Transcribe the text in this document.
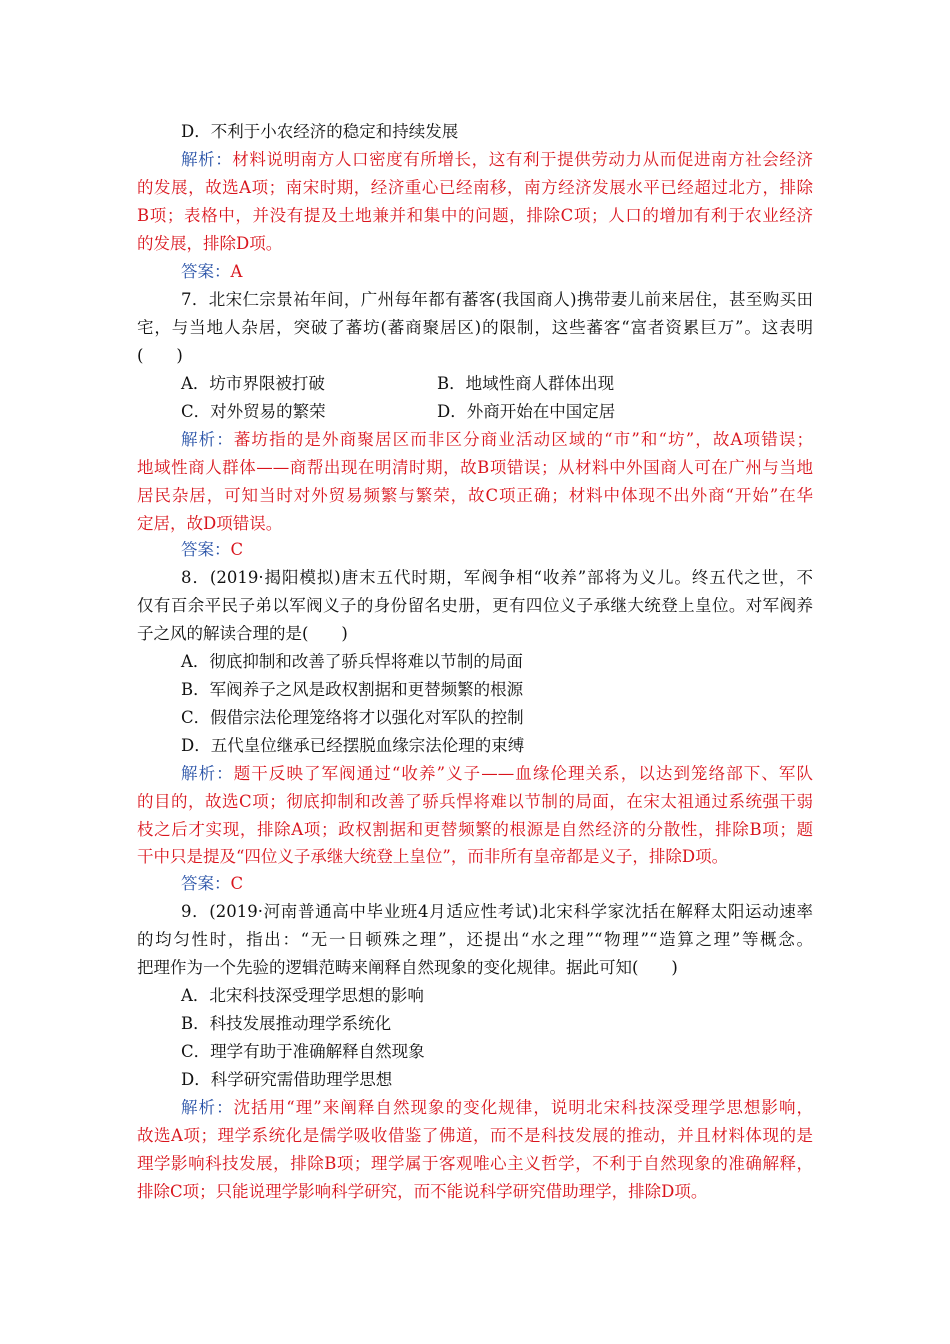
D．不利于小农经济的稳定和持续发展
解析：材料说明南方人口密度有所增长，这有利于提供劳动力从而促进南方社会经济
的发展，故选A项；南宋时期，经济重心已经南移，南方经济发展水平已经超过北方，排除
B项；表格中，并没有提及土地兼并和集中的问题，排除C项；人口的增加有利于农业经济
的发展，排除D项。
答案：A
7．北宋仁宗景祐年间，广州每年都有蕃客(我国商人)携带妻儿前来居住，甚至购买田
宅，与当地人杂居，突破了蕃坊(蕃商聚居区)的限制，这些蕃客“富者资累巨万”。这表明
(　　)
A．坊市界限被打破	B．地域性商人群体出现
C．对外贸易的繁荣	D．外商开始在中国定居
解析：蕃坊指的是外商聚居区而非区分商业活动区域的“市”和“坊”，故A项错误；
地域性商人群体——商帮出现在明清时期，故B项错误；从材料中外国商人可在广州与当地
居民杂居，可知当时对外贸易频繁与繁荣，故C项正确；材料中体现不出外商“开始”在华
定居，故D项错误。
答案：C
8．(2019·揭阳模拟)唐末五代时期，军阀争相“收养”部将为义儿。终五代之世，不
仅有百余平民子弟以军阀义子的身份留名史册，更有四位义子承继大统登上皇位。对军阀养
子之风的解读合理的是(　　)
A．彻底抑制和改善了骄兵悍将难以节制的局面
B．军阀养子之风是政权割据和更替频繁的根源
C．假借宗法伦理笼络将才以强化对军队的控制
D．五代皇位继承已经摆脱血缘宗法伦理的束缚
解析：题干反映了军阀通过“收养”义子——血缘伦理关系，以达到笼络部下、军队
的目的，故选C项；彻底抑制和改善了骄兵悍将难以节制的局面，在宋太祖通过系统强干弱
枝之后才实现，排除A项；政权割据和更替频繁的根源是自然经济的分散性，排除B项；题
干中只是提及“四位义子承继大统登上皇位”，而非所有皇帝都是义子，排除D项。
答案：C
9．(2019·河南普通高中毕业班4月适应性考试)北宋科学家沈括在解释太阳运动速率
的均匀性时，指出：“无一日顿殊之理”，还提出“水之理”“物理”“造算之理”等概念。
把理作为一个先验的逻辑范畴来阐释自然现象的变化规律。据此可知(　　)
A．北宋科技深受理学思想的影响
B．科技发展推动理学系统化
C．理学有助于准确解释自然现象
D．科学研究需借助理学思想
解析：沈括用“理”来阐释自然现象的变化规律，说明北宋科技深受理学思想影响，
故选A项；理学系统化是儒学吸收借鉴了佛道，而不是科技发展的推动，并且材料体现的是
理学影响科技发展，排除B项；理学属于客观唯心主义哲学，不利于自然现象的准确解释，
排除C项；只能说理学影响科学研究，而不能说科学研究借助理学，排除D项。
